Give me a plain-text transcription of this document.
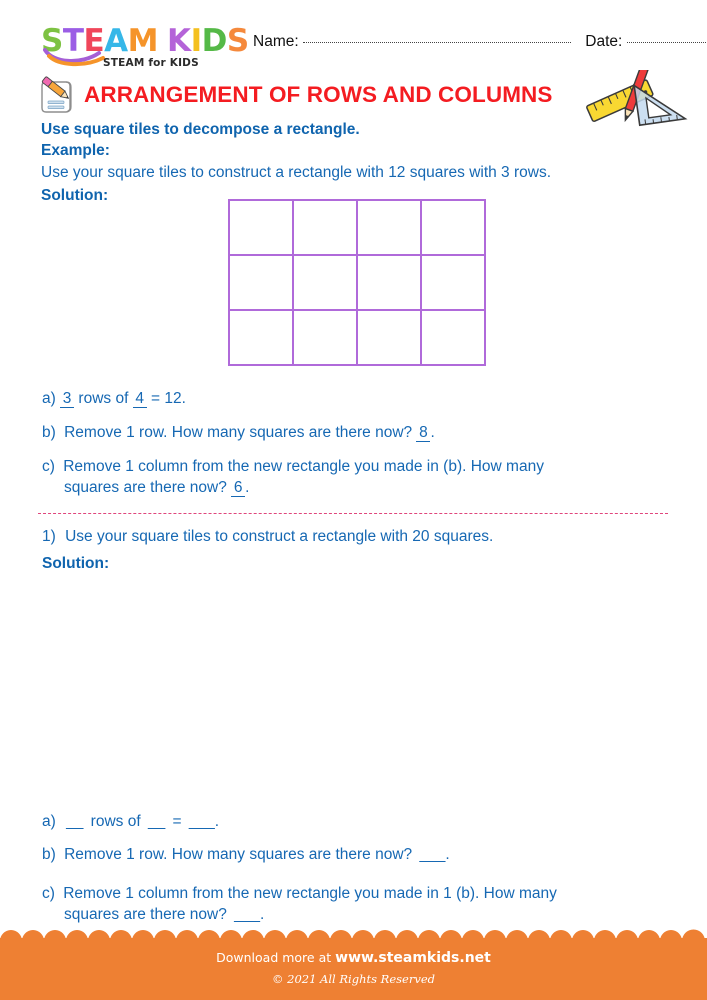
STEAM KIDS
STEAM for KIDS
Name:	Date:
ARRANGEMENT OF ROWS AND COLUMNS
Use square tiles to decompose a rectangle.
Example:
Use your square tiles to construct a rectangle with 12 squares with 3 rows.
Solution:
a) 3 rows of 4 = 12.
b) Remove 1 row. How many squares are there now? 8 .
c) Remove 1 column from the new rectangle you made in (b). How many
squares are there now? 6 .
1) Use your square tiles to construct a rectangle with 20 squares.
Solution:
a) __ rows of __ = ___.
b) Remove 1 row. How many squares are there now? ___.
c) Remove 1 column from the new rectangle you made in 1 (b). How many
squares are there now? ___.
Download more at www.steamkids.net
© 2021 All Rights Reserved
